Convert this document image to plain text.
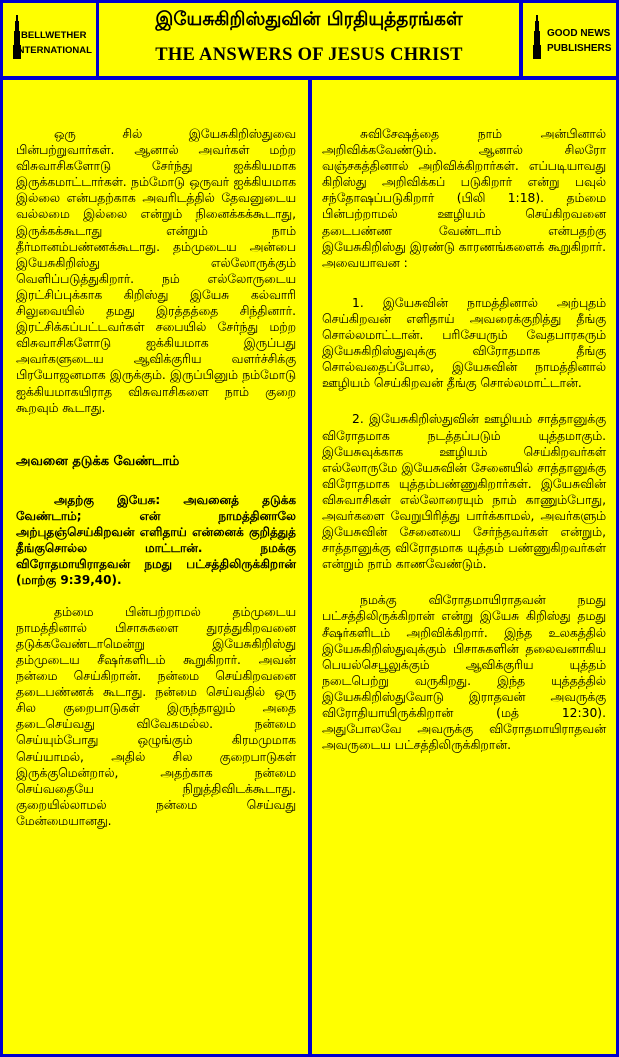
BELLWETHER
INTERNATIONAL
இயேசுகிறிஸ்துவின் பிரதியுத்தரங்கள்
THE ANSWERS OF JESUS CHRIST
GOOD NEWS
PUBLISHERS

ஒரு சில் இயேசுகிறிஸ்துவை பின்பற்றுவார்கள். ஆனால் அவர்கள் மற்ற விசுவாசிகளோடு சேர்ந்து ஐக்கியமாக இருக்கமாட்டார்கள். நம்மோடு ஒருவர் ஐக்கியமாக இல்லை என்பதற்காக அவரிடத்தில் தேவனுடைய வல்லமை இல்லை என்றும் நினைக்கக்கூடாது, இருக்கக்கூடாது என்றும் நாம் தீர்மானம்பண்ணக்கூடாது. தம்முடைய அன்பை இயேசுகிறிஸ்து எல்லோருக்கும் வெளிப்படுத்துகிறார். நம் எல்லோருடைய இரட்சிப்புக்காக கிறிஸ்து இயேசு கல்வாரி சிலுவையில் தமது இரத்தத்தை சிந்தினார். இரட்சிக்கப்பட்டவர்கள் சபையில் சேர்ந்து மற்ற விசுவாசிகளோடு ஐக்கியமாக இருப்பது அவர்களுடைய ஆவிக்குரிய வளர்ச்சிக்கு பிரயோஜனமாக இருக்கும். இருப்பினும் நம்மோடு ஐக்கியமாகயிராத விசுவாசிகளை நாம் குறை கூறவும் கூடாது.

அவனை தடுக்க வேண்டாம்

அதற்கு இயேசு: அவனைத் தடுக்க வேண்டாம்; என் நாமத்தினாலே அற்புதஞ்செய்கிறவன் எளிதாய் என்னைக் குறித்துத் தீங்குசொல்ல மாட்டான். நமக்கு விரோதமாயிராதவன் நமது பட்சத்திலிருக்கிறான் (மாற்கு 9:39,40).

தம்மை பின்பற்றாமல் தம்முடைய நாமத்தினால் பிசாசுகளை துரத்துகிறவனை தடுக்கவேண்டாமென்று இயேசுகிறிஸ்து தம்முடைய சீஷர்களிடம் கூறுகிறார். அவன் நன்மை செய்கிறான். நன்மை செய்கிறவனை தடைபண்ணக் கூடாது. நன்மை செய்வதில் ஒரு சில குறைபாடுகள் இருந்தாலும் அதை தடைசெய்வது விவேகமல்ல. நன்மை செய்யும்போது ஒழுங்கும் கிரமமுமாக செய்யாமல், அதில் சில குறைபாடுகள் இருக்குமென்றால், அதற்காக நன்மை செய்வதையே நிறுத்திவிடக்கூடாது. குறையில்லாமல் நன்மை செய்வது மேன்மையானது.

சுவிசேஷத்தை நாம் அன்பினால் அறிவிக்கவேண்டும். ஆனால் சிலரோ வஞ்சகத்தினால் அறிவிக்கிறார்கள். எப்படியாவது கிறிஸ்து அறிவிக்கப் படுகிறார் என்று பவுல் சந்தோஷப்படுகிறார் (பிலி 1:18). தம்மை பின்பற்றாமல் ஊழியம் செய்கிறவனை தடைபண்ண வேண்டாம் என்பதற்கு இயேசுகிறிஸ்து இரண்டு காரணங்களைக் கூறுகிறார். அவையாவன :

1. இயேசுவின் நாமத்தினால் அற்புதம் செய்கிறவன் எளிதாய் அவரைக்குறித்து தீங்கு சொல்லமாட்டான். பரிசேயரும் வேதபாரகரும் இயேசுகிறிஸ்துவுக்கு விரோதமாக தீங்கு சொல்வதைப்போல, இயேசுவின் நாமத்தினால் ஊழியம் செய்கிறவன் தீங்கு சொல்லமாட்டான்.

2. இயேசுகிறிஸ்துவின் ஊழியம் சாத்தானுக்கு விரோதமாக நடத்தப்படும் யுத்தமாகும். இயேசுவுக்காக ஊழியம் செய்கிறவர்கள் எல்லோருமே இயேசுவின் சேனையில் சாத்தானுக்கு விரோதமாக யுத்தம்பண்ணுகிறார்கள். இயேசுவின் விசுவாசிகள் எல்லோரையும் நாம் காணும்போது, அவர்களை வேறுபிரித்து பார்க்காமல், அவர்களும் இயேசுவின் சேனையை சேர்ந்தவர்கள் என்றும், சாத்தானுக்கு விரோதமாக யுத்தம் பண்ணுகிறவர்கள் என்றும் நாம் காணவேண்டும்.

நமக்கு விரோதமாயிராதவன் நமது பட்சத்திலிருக்கிறான் என்று இயேசு கிறிஸ்து தமது சீஷர்களிடம் அறிவிக்கிறார். இந்த உலகத்தில் இயேசுகிறிஸ்துவுக்கும் பிசாசுகளின் தலைவனாகிய பெயல்செபூலுக்கும் ஆவிக்குரிய யுத்தம் நடைபெற்று வருகிறது. இந்த யுத்தத்தில் இயேசுகிறிஸ்துவோடு இராதவன் அவருக்கு விரோதியாயிருக்கிறான் (மத் 12:30). அதுபோலவே அவருக்கு விரோதமாயிராதவன் அவருடைய பட்சத்திலிருக்கிறான்.
